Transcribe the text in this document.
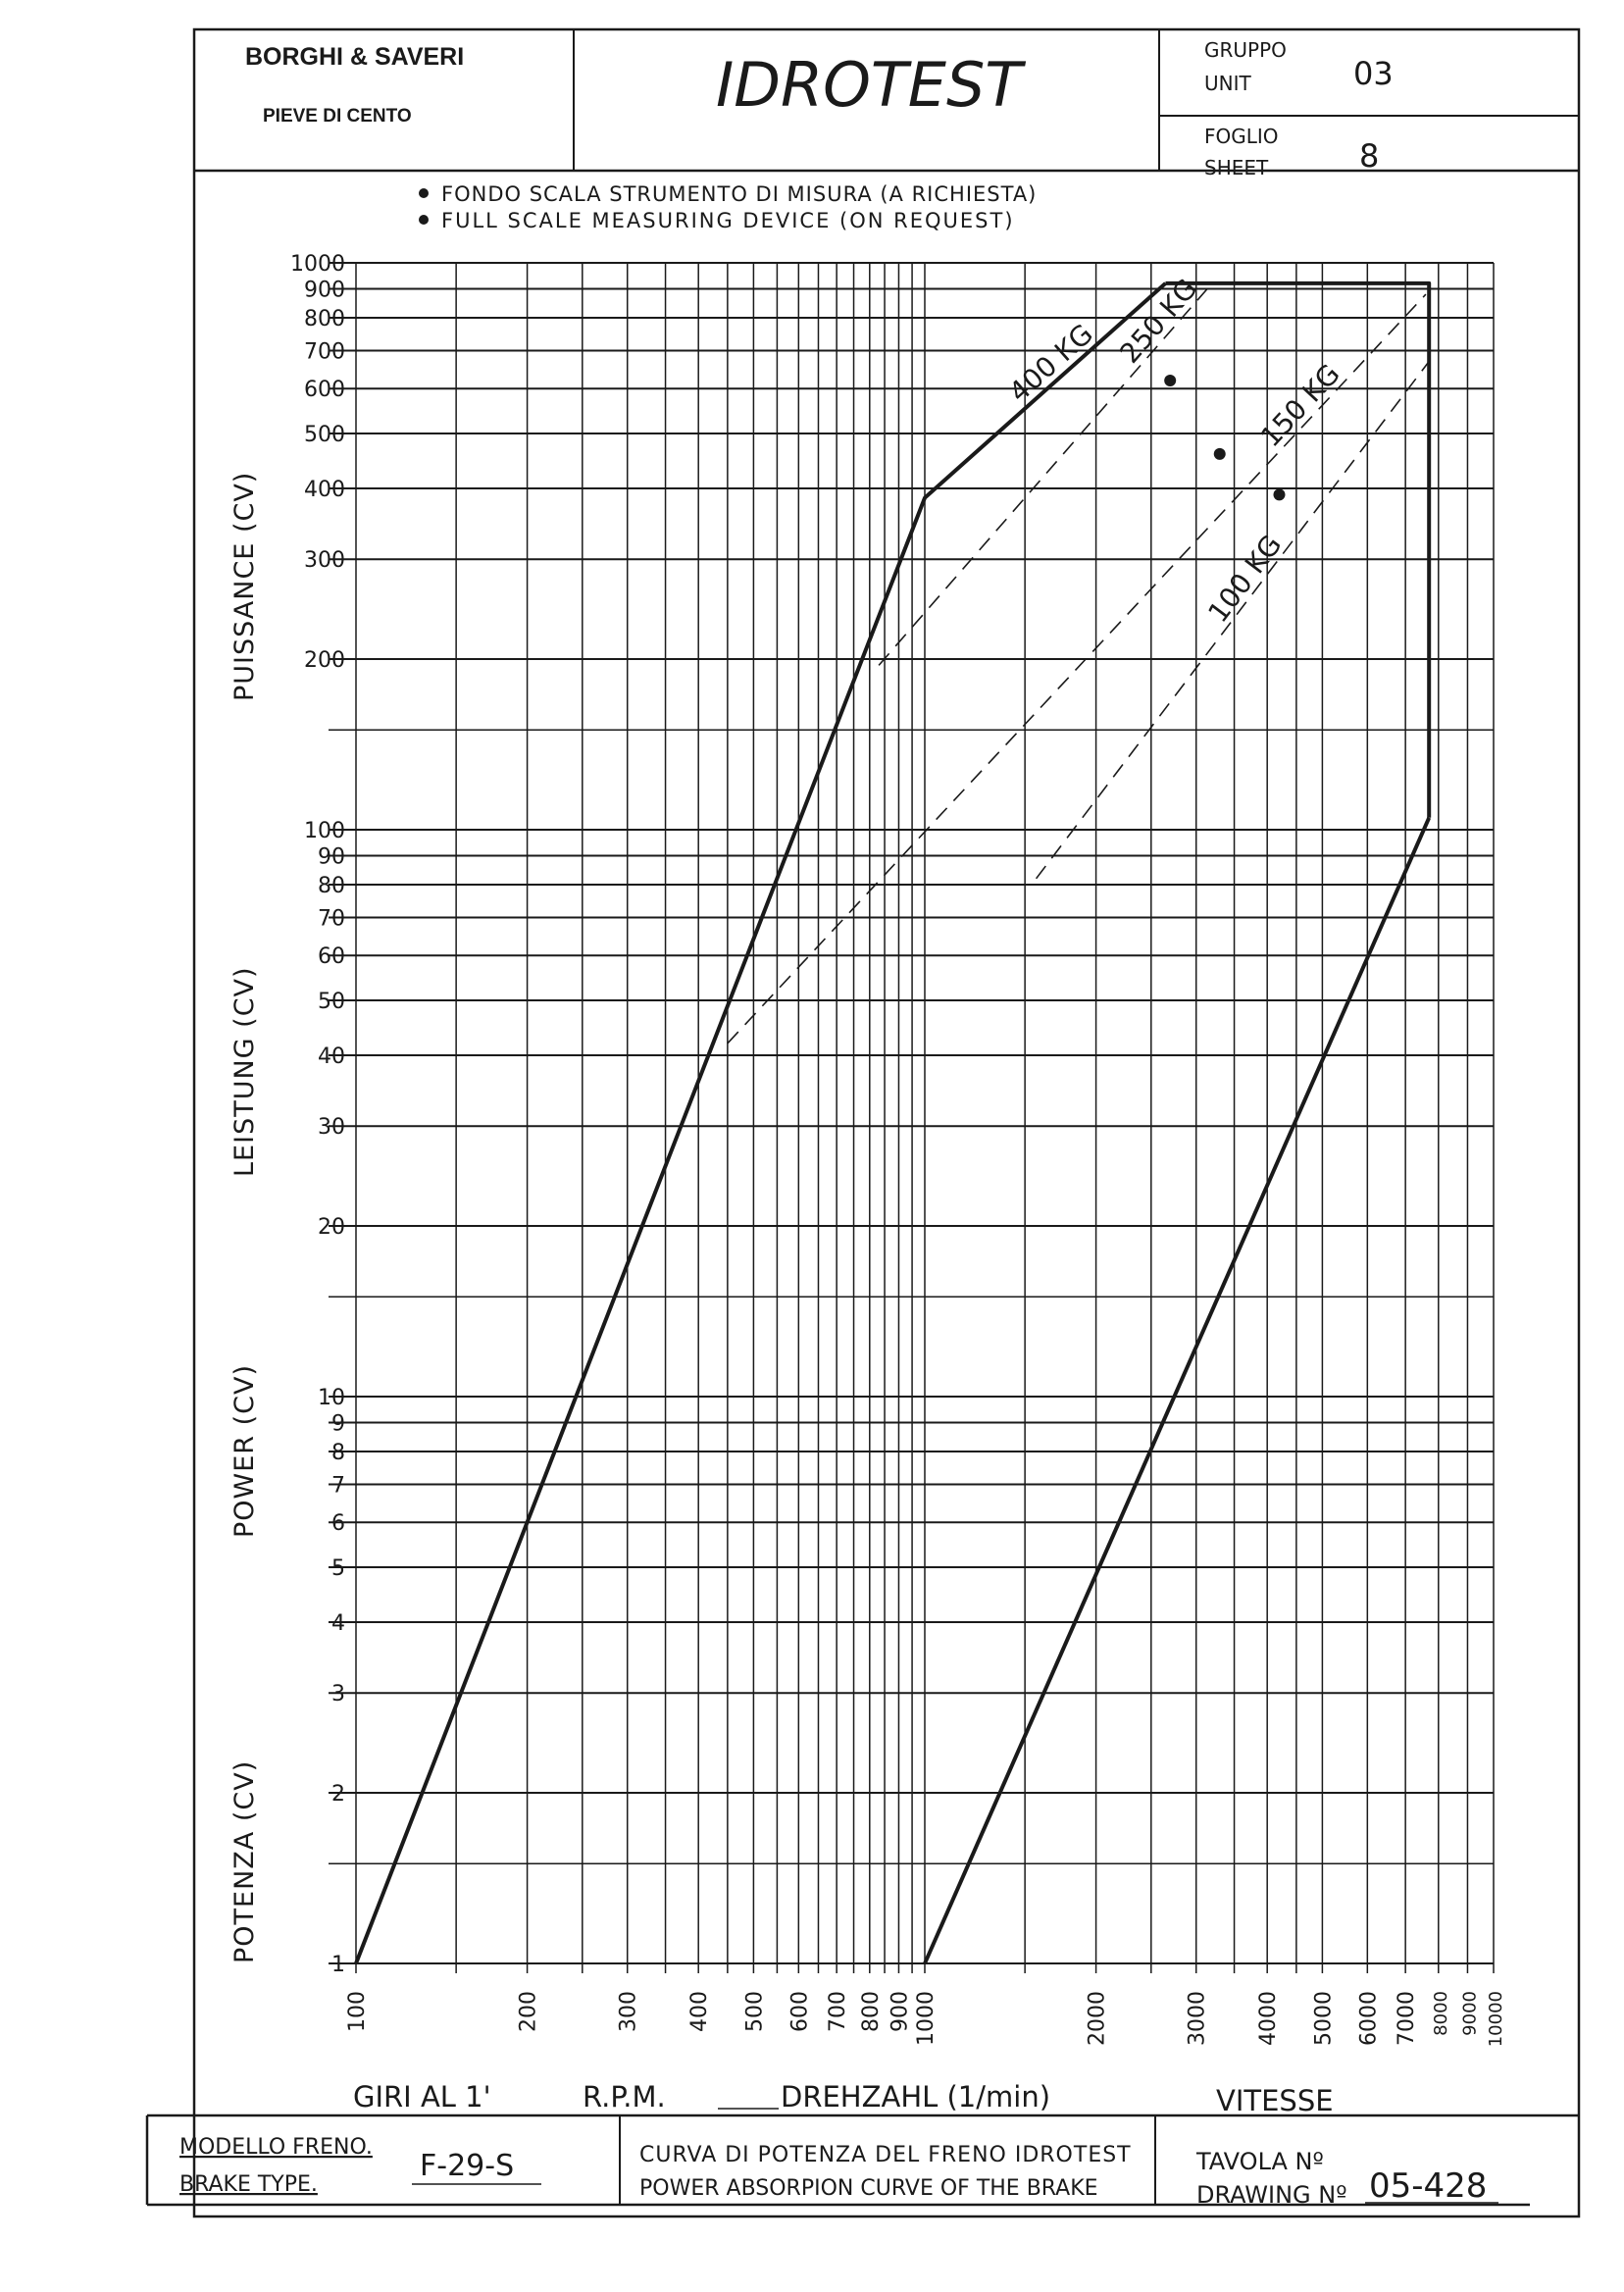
BORGHI & SAVERI
PIEVE DI CENTO	IDROTEST	GRUPPO
UNIT	03
FOGLIO
SHEET	8
FONDO SCALA STRUMENTO DI MISURA (A RICHIESTA)
FULL SCALE MEASURING DEVICE (ON REQUEST)
1
2
3
4
5
6
7
8
9
10
20
30
40
50
60
70
80
90
100
200
300
400
500
600
700
800
900
1000
100	200	300 400 500 600 700 800 900 1000	2000	3000 4000 5000 6000 7000 8000 9000 10000
400 KG 250 KG
150 KG
100 KG
PUISSANCE (CV)
LEISTUNG (CV)
POWER (CV)
POTENZA (CV)
GIRI AL 1'	R.P.M.	DREHZAHL (1/min)	VITESSE
MODELLO FRENO.
BRAKE TYPE.
F-29-S	CURVA DI POTENZA DEL FRENO IDROTEST
POWER ABSORPION CURVE OF THE BRAKE
TAVOLA Nº
DRAWING Nº 05-428
